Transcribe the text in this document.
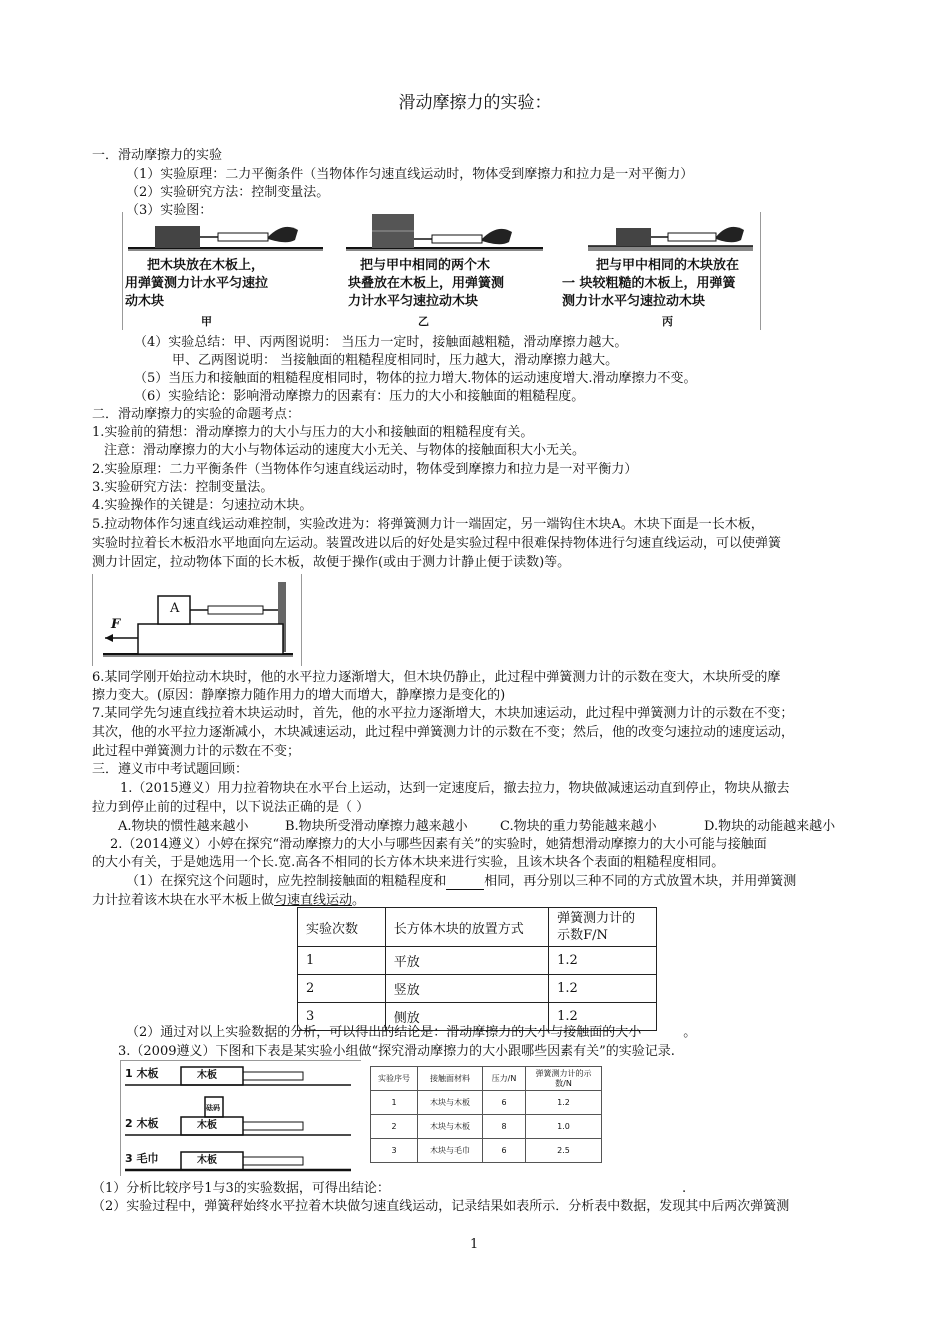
滑动摩擦力的实验：
一．滑动摩擦力的实验
（1）实验原理：二力平衡条件（当物体作匀速直线运动时，物体受到摩擦力和拉力是一对平衡力）
（2）实验研究方法：控制变量法。
（3）实验图：
把木块放在木板上，
用弹簧测力计水平匀速拉
动木块
甲
把与甲中相同的两个木
块叠放在木板上，用弹簧测
力计水平匀速拉动木块
乙
把与甲中相同的木块放在
一 块较粗糙的木板上，用弹簧
测力计水平匀速拉动木块
丙
（4）实验总结：甲、丙两图说明： 当压力一定时，接触面越粗糙，滑动摩擦力越大。
甲、乙两图说明： 当接触面的粗糙程度相同时，压力越大，滑动摩擦力越大。
（5）当压力和接触面的粗糙程度相同时，物体的拉力增大.物体的运动速度增大.滑动摩擦力不变。
（6）实验结论：影响滑动摩擦力的因素有：压力的大小和接触面的粗糙程度。
二．滑动摩擦力的实验的命题考点：
1.实验前的猜想：滑动摩擦力的大小与压力的大小和接触面的粗糙程度有关。
注意：滑动摩擦力的大小与物体运动的速度大小无关、与物体的接触面积大小无关。
2.实验原理：二力平衡条件（当物体作匀速直线运动时，物体受到摩擦力和拉力是一对平衡力）
3.实验研究方法：控制变量法。
4.实验操作的关键是：匀速拉动木块。
5.拉动物体作匀速直线运动难控制，实验改进为：将弹簧测力计一端固定，另一端钩住木块A。木块下面是一长木板，
实验时拉着长木板沿水平地面向左运动。装置改进以后的好处是实验过程中很难保持物体进行匀速直线运动，可以使弹簧
测力计固定，拉动物体下面的长木板，故便于操作(或由于测力计静止便于读数)等。
A
F
6.某同学刚开始拉动木块时，他的水平拉力逐渐增大，但木块仍静止，此过程中弹簧测力计的示数在变大，木块所受的摩
擦力变大。(原因：静摩擦力随作用力的增大而增大，静摩擦力是变化的)
7.某同学先匀速直线拉着木块运动时，首先，他的水平拉力逐渐增大，木块加速运动，此过程中弹簧测力计的示数在不变；
其次，他的水平拉力逐渐减小，木块减速运动，此过程中弹簧测力计的示数在不变；然后，他的改变匀速拉动的速度运动，
此过程中弹簧测力计的示数在不变；
三．遵义市中考试题回顾：
1.（2015遵义）用力拉着物块在水平台上运动，达到一定速度后，撤去拉力，物块做减速运动直到停止，物块从撤去
拉力到停止前的过程中，以下说法正确的是（ ）
A.物块的惯性越来越小	B.物块所受滑动摩擦力越来越小 C.物块的重力势能越来越小	D.物块的动能越来越小
2.（2014遵义）小婷在探究“滑动摩擦力的大小与哪些因素有关”的实验时，她猜想滑动摩擦力的大小可能与接触面
的大小有关，于是她选用一个长.宽.高各不相同的长方体木块来进行实验，且该木块各个表面的粗糙程度相同。
（1）在探究这个问题时，应先控制接触面的粗糙程度和	相同，再分别以三种不同的方式放置木块，并用弹簧测
力计拉着该木块在水平木板上做匀速直线运动。
实验次数	长方体木块的放置方式	弹簧测力计的示数F/N
1	平放	1.2
2	竖放	1.2
3	侧放	1.2
（2）通过对以上实验数据的分析，可以得出的结论是：滑动摩擦力的大小与接触面的大小	。
3.（2009遵义）下图和下表是某实验小组做“探究滑动摩擦力的大小跟哪些因素有关”的实验记录.
1 木板
2 木板
3 毛巾
木板
木板
木板
砝码
实验序号	接触面材料	压力/N	弹簧测力计的示数/N
1	木块与木板	6	1.2
2	木块与木板	8	1.0
3	木块与毛巾	6	2.5
（1）分析比较序号1与3的实验数据，可得出结论：	.
（2）实验过程中，弹簧秤始终水平拉着木块做匀速直线运动，记录结果如表所示．分析表中数据，发现其中后两次弹簧测
1
